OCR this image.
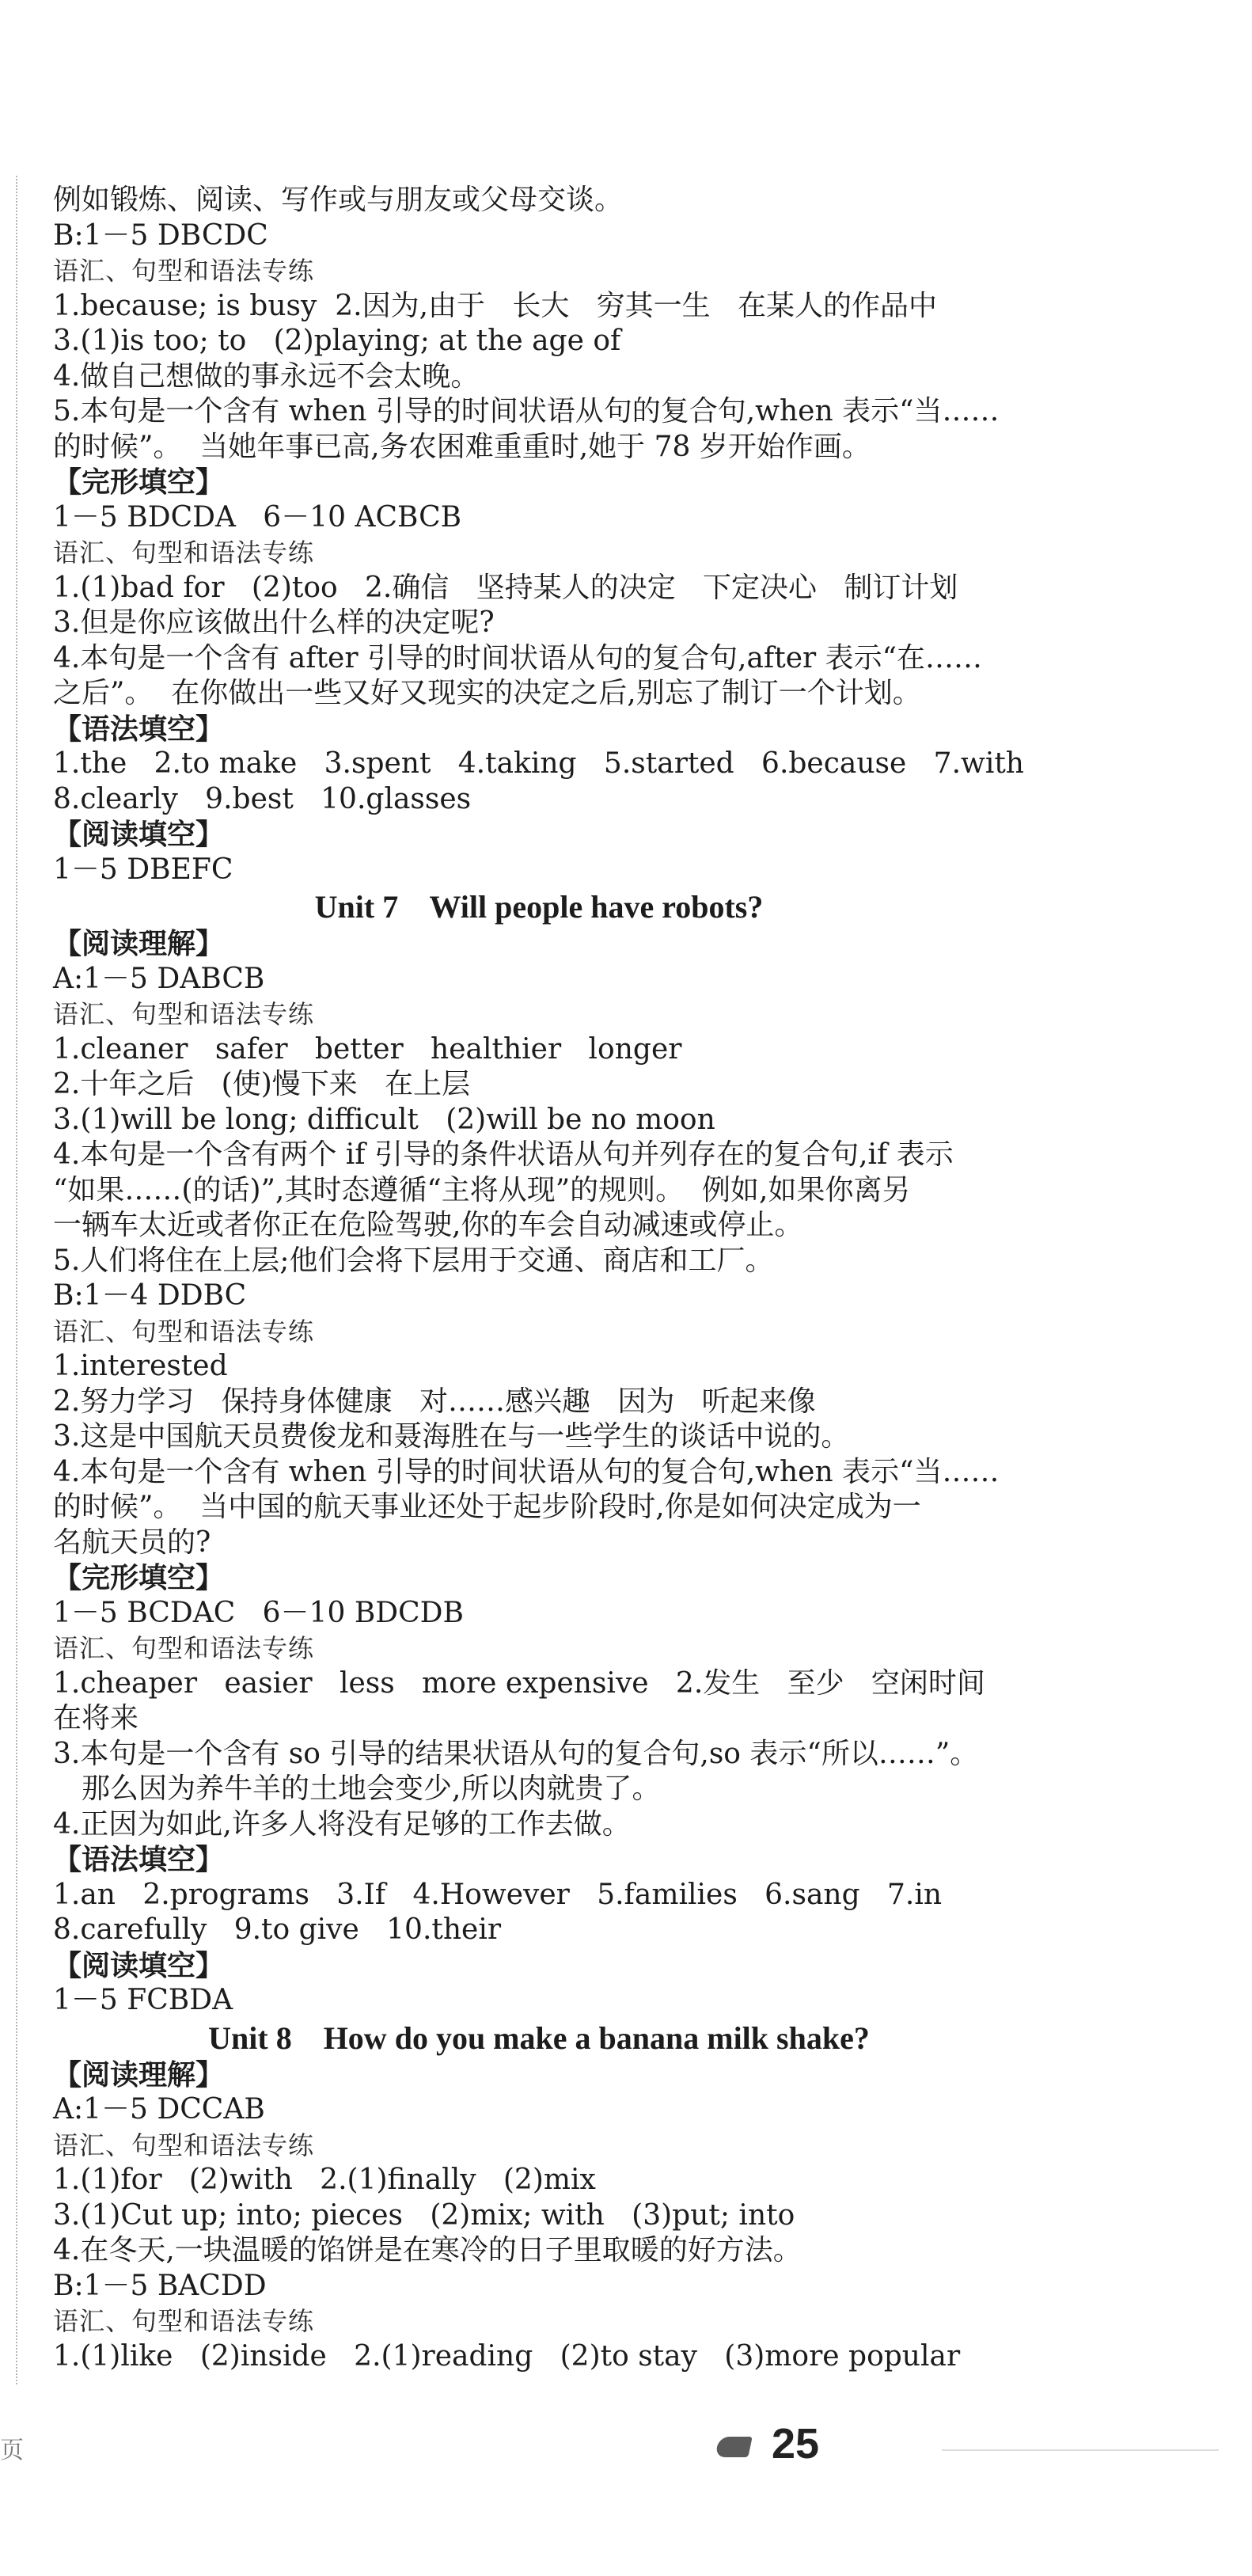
例如锻炼、阅读、写作或与朋友或父母交谈。
B:1－5 DBCDC
语汇、句型和语法专练
1.because; is busy  2.因为,由于   长大   穷其一生   在某人的作品中
3.(1)is too; to   (2)playing; at the age of
4.做自己想做的事永远不会太晚。
5.本句是一个含有 when 引导的时间状语从句的复合句,when 表示“当……
的时候”。  当她年事已高,务农困难重重时,她于 78 岁开始作画。
【完形填空】
1－5 BDCDA   6－10 ACBCB
语汇、句型和语法专练
1.(1)bad for   (2)too   2.确信   坚持某人的决定   下定决心   制订计划
3.但是你应该做出什么样的决定呢?
4.本句是一个含有 after 引导的时间状语从句的复合句,after 表示“在……
之后”。  在你做出一些又好又现实的决定之后,别忘了制订一个计划。
【语法填空】
1.the   2.to make   3.spent   4.taking   5.started   6.because   7.with
8.clearly   9.best   10.glasses
【阅读填空】
1－5 DBEFC
Unit 7    Will people have robots?
【阅读理解】
A:1－5 DABCB
语汇、句型和语法专练
1.cleaner   safer   better   healthier   longer
2.十年之后   (使)慢下来   在上层
3.(1)will be long; difficult   (2)will be no moon
4.本句是一个含有两个 if 引导的条件状语从句并列存在的复合句,if 表示
“如果……(的话)”,其时态遵循“主将从现”的规则。  例如,如果你离另
一辆车太近或者你正在危险驾驶,你的车会自动减速或停止。
5.人们将住在上层;他们会将下层用于交通、商店和工厂。
B:1－4 DDBC
语汇、句型和语法专练
1.interested
2.努力学习   保持身体健康   对……感兴趣   因为   听起来像
3.这是中国航天员费俊龙和聂海胜在与一些学生的谈话中说的。
4.本句是一个含有 when 引导的时间状语从句的复合句,when 表示“当……
的时候”。  当中国的航天事业还处于起步阶段时,你是如何决定成为一
名航天员的?
【完形填空】
1－5 BCDAC   6－10 BDCDB
语汇、句型和语法专练
1.cheaper   easier   less   more expensive   2.发生   至少   空闲时间
在将来
3.本句是一个含有 so 引导的结果状语从句的复合句,so 表示“所以……”。
那么因为养牛羊的土地会变少,所以肉就贵了。
4.正因为如此,许多人将没有足够的工作去做。
【语法填空】
1.an   2.programs   3.If   4.However   5.families   6.sang   7.in
8.carefully   9.to give   10.their
【阅读填空】
1－5 FCBDA
Unit 8    How do you make a banana milk shake?
【阅读理解】
A:1－5 DCCAB
语汇、句型和语法专练
1.(1)for   (2)with   2.(1)finally   (2)mix
3.(1)Cut up; into; pieces   (2)mix; with   (3)put; into
4.在冬天,一块温暖的馅饼是在寒冷的日子里取暖的好方法。
B:1－5 BACDD
语汇、句型和语法专练
1.(1)like   (2)inside   2.(1)reading   (2)to stay   (3)more popular
页	25
